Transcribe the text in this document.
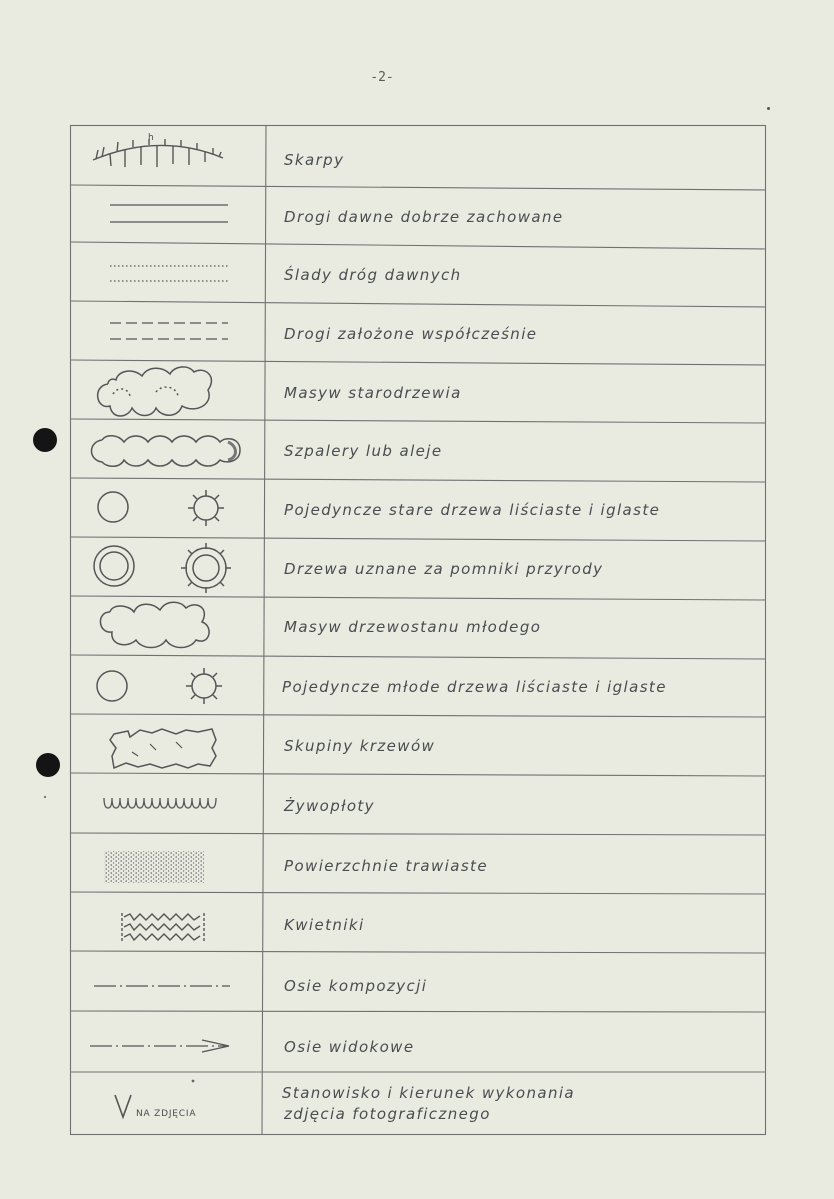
-2-
h
NA ZDJĘCIA
Skarpy
Drogi dawne dobrze zachowane
Ślady dróg dawnych
Drogi założone współcześnie
Masyw starodrzewia
Szpalery lub aleje
Pojedyncze stare drzewa liściaste i iglaste
Drzewa uznane za pomniki przyrody
Masyw drzewostanu młodego
Pojedyncze młode drzewa liściaste i iglaste
Skupiny krzewów
Żywopłoty
Powierzchnie trawiaste
Kwietniki
Osie kompozycji
Osie widokowe
Stanowisko i kierunek wykonania
zdjęcia fotograficznego
